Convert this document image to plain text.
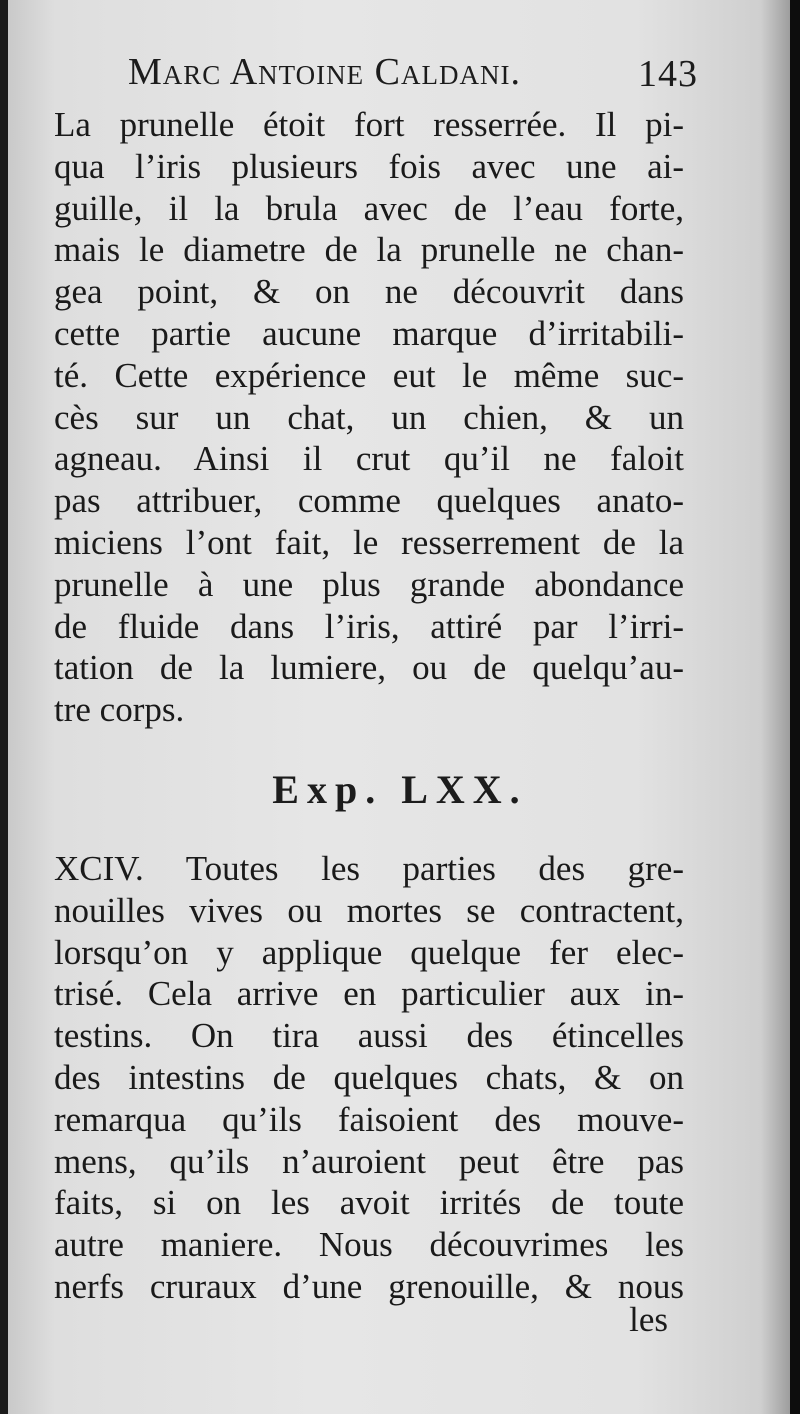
Marc Antoine Caldani.	143
La prunelle étoit fort resserrée. Il pi-
qua l’iris plusieurs fois avec une ai-
guille, il la brula avec de l’eau forte,
mais le diametre de la prunelle ne chan-
gea point, & on ne découvrit dans
cette partie aucune marque d’irritabili-
té. Cette expérience eut le même suc-
cès sur un chat, un chien, & un
agneau. Ainsi il crut qu’il ne faloit
pas attribuer, comme quelques anato-
miciens l’ont fait, le resserrement de la
prunelle à une plus grande abondance
de fluide dans l’iris, attiré par l’irri-
tation de la lumiere, ou de quelqu’au-
tre corps.
Exp. LXX.
XCIV. Toutes les parties des gre-
nouilles vives ou mortes se contractent,
lorsqu’on y applique quelque fer elec-
trisé. Cela arrive en particulier aux in-
testins. On tira aussi des étincelles
des intestins de quelques chats, & on
remarqua qu’ils faisoient des mouve-
mens, qu’ils n’auroient peut être pas
faits, si on les avoit irrités de toute
autre maniere. Nous découvrimes les
nerfs cruraux d’une grenouille, & nous
les
